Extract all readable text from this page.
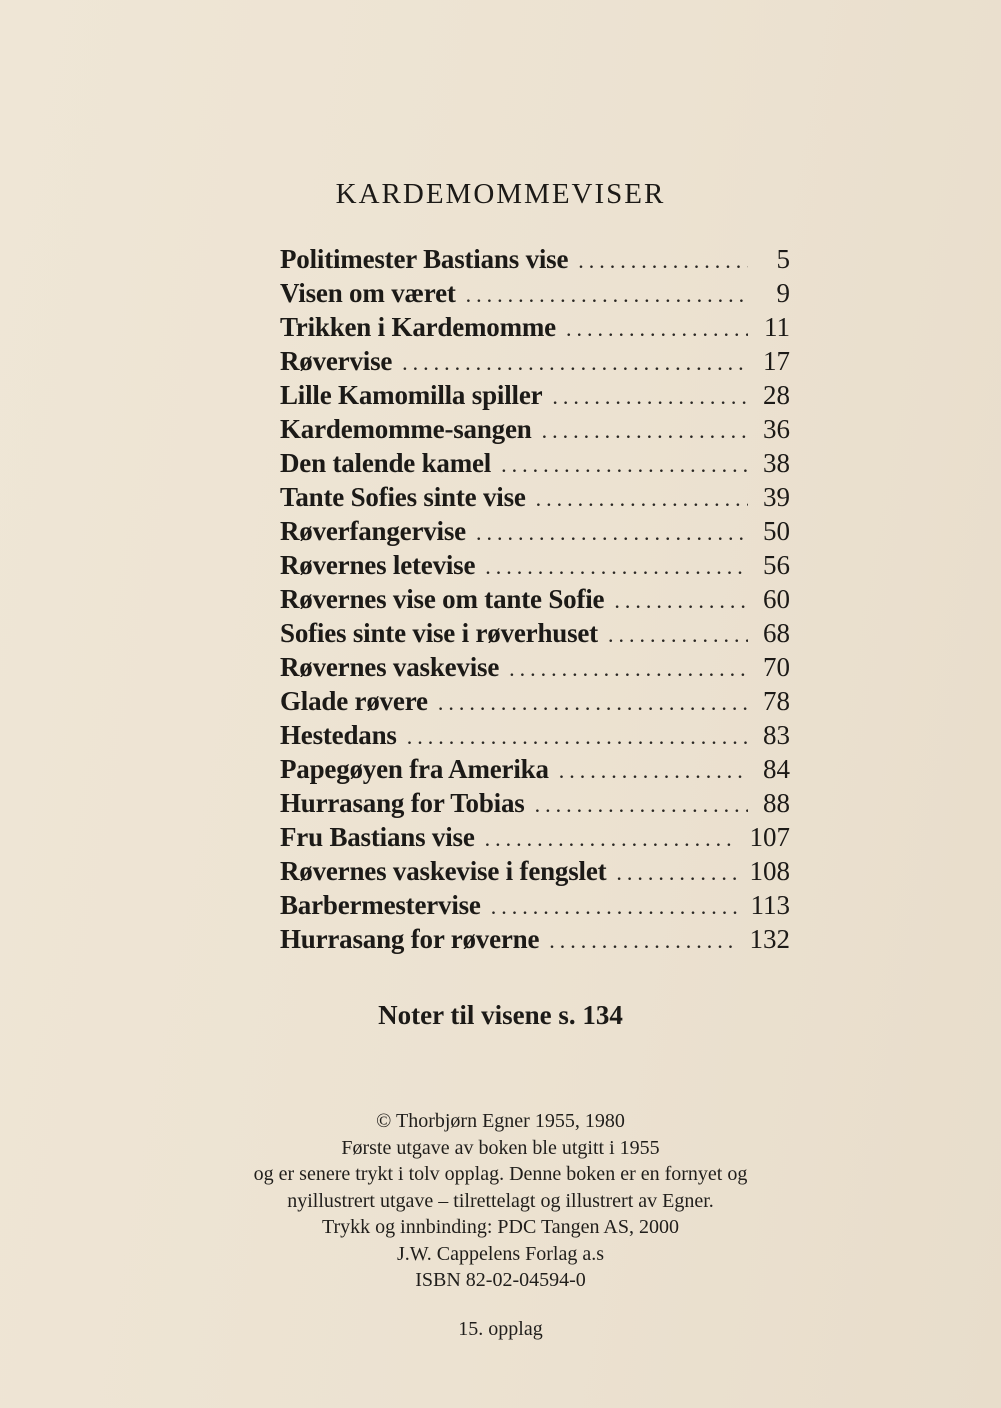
KARDEMOMMEVISER
Politimester Bastians vise .....	5
Visen om været .....	9
Trikken i Kardemomme .....	11
Røvervise .....	17
Lille Kamomilla spiller .....	28
Kardemomme-sangen .....	36
Den talende kamel .....	38
Tante Sofies sinte vise .....	39
Røverfangervise .....	50
Røvernes letevise .....	56
Røvernes vise om tante Sofie .....	60
Sofies sinte vise i røverhuset .....	68
Røvernes vaskevise .....	70
Glade røvere .....	78
Hestedans .....	83
Papegøyen fra Amerika .....	84
Hurrasang for Tobias .....	88
Fru Bastians vise .....	107
Røvernes vaskevise i fengslet .....	108
Barbermestervise .....	113
Hurrasang for røverne .....	132
Noter til visene s. 134
© Thorbjørn Egner 1955, 1980
Første utgave av boken ble utgitt i 1955
og er senere trykt i tolv opplag. Denne boken er en fornyet og
nyillustrert utgave – tilrettelagt og illustrert av Egner.
Trykk og innbinding: PDC Tangen AS, 2000
J.W. Cappelens Forlag a.s
ISBN 82-02-04594-0
15. opplag
